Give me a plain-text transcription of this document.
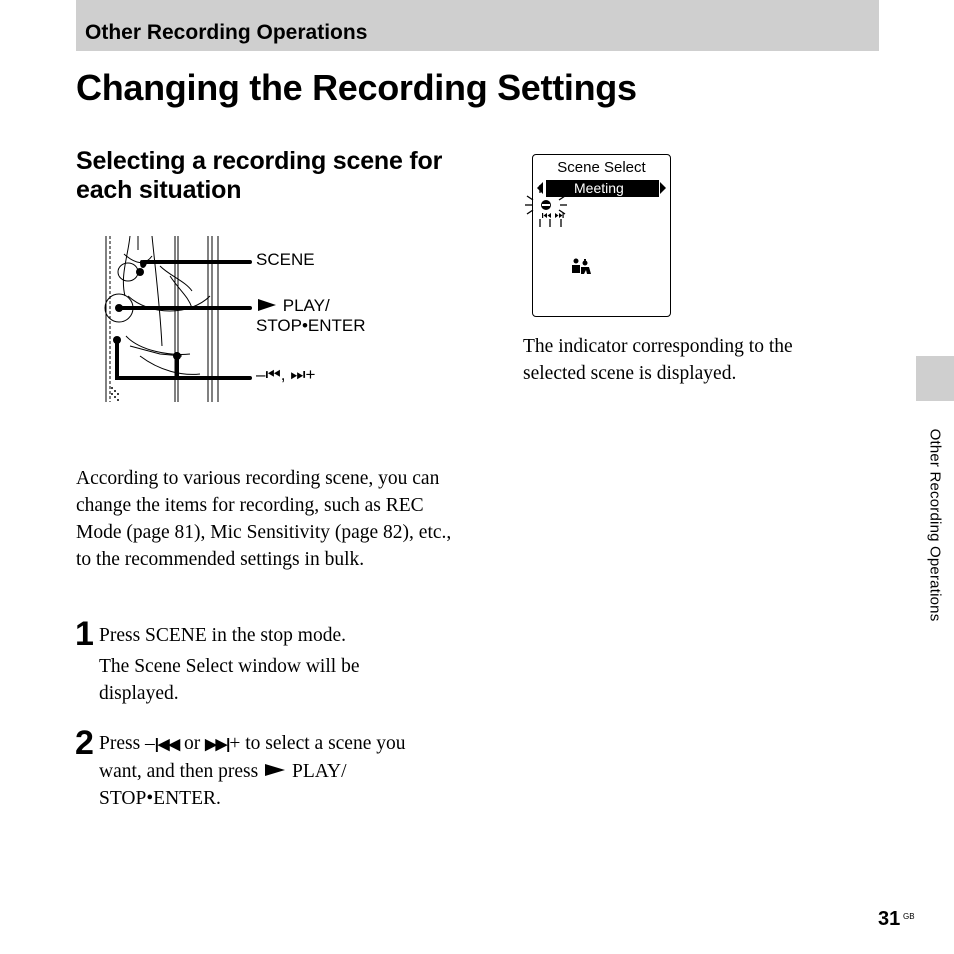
Other Recording Operations
Changing the Recording Settings
Selecting a recording scene for each situation
SCENE
PLAY/
STOP•ENTER
–⏮, ⏭+

According to various recording scene, you can change the items for recording, such as REC Mode (page 81), Mic Sensitivity (page 82), etc., to the recommended settings in bulk.

1 Press SCENE in the stop mode.

The Scene Select window will be displayed.

2 Press –|◀◀ or ▶▶|+ to select a scene you want, and then press  PLAY/ STOP•ENTER.

Scene Select
Meeting

The indicator corresponding to the selected scene is displayed.

Other Recording Operations
31 GB
